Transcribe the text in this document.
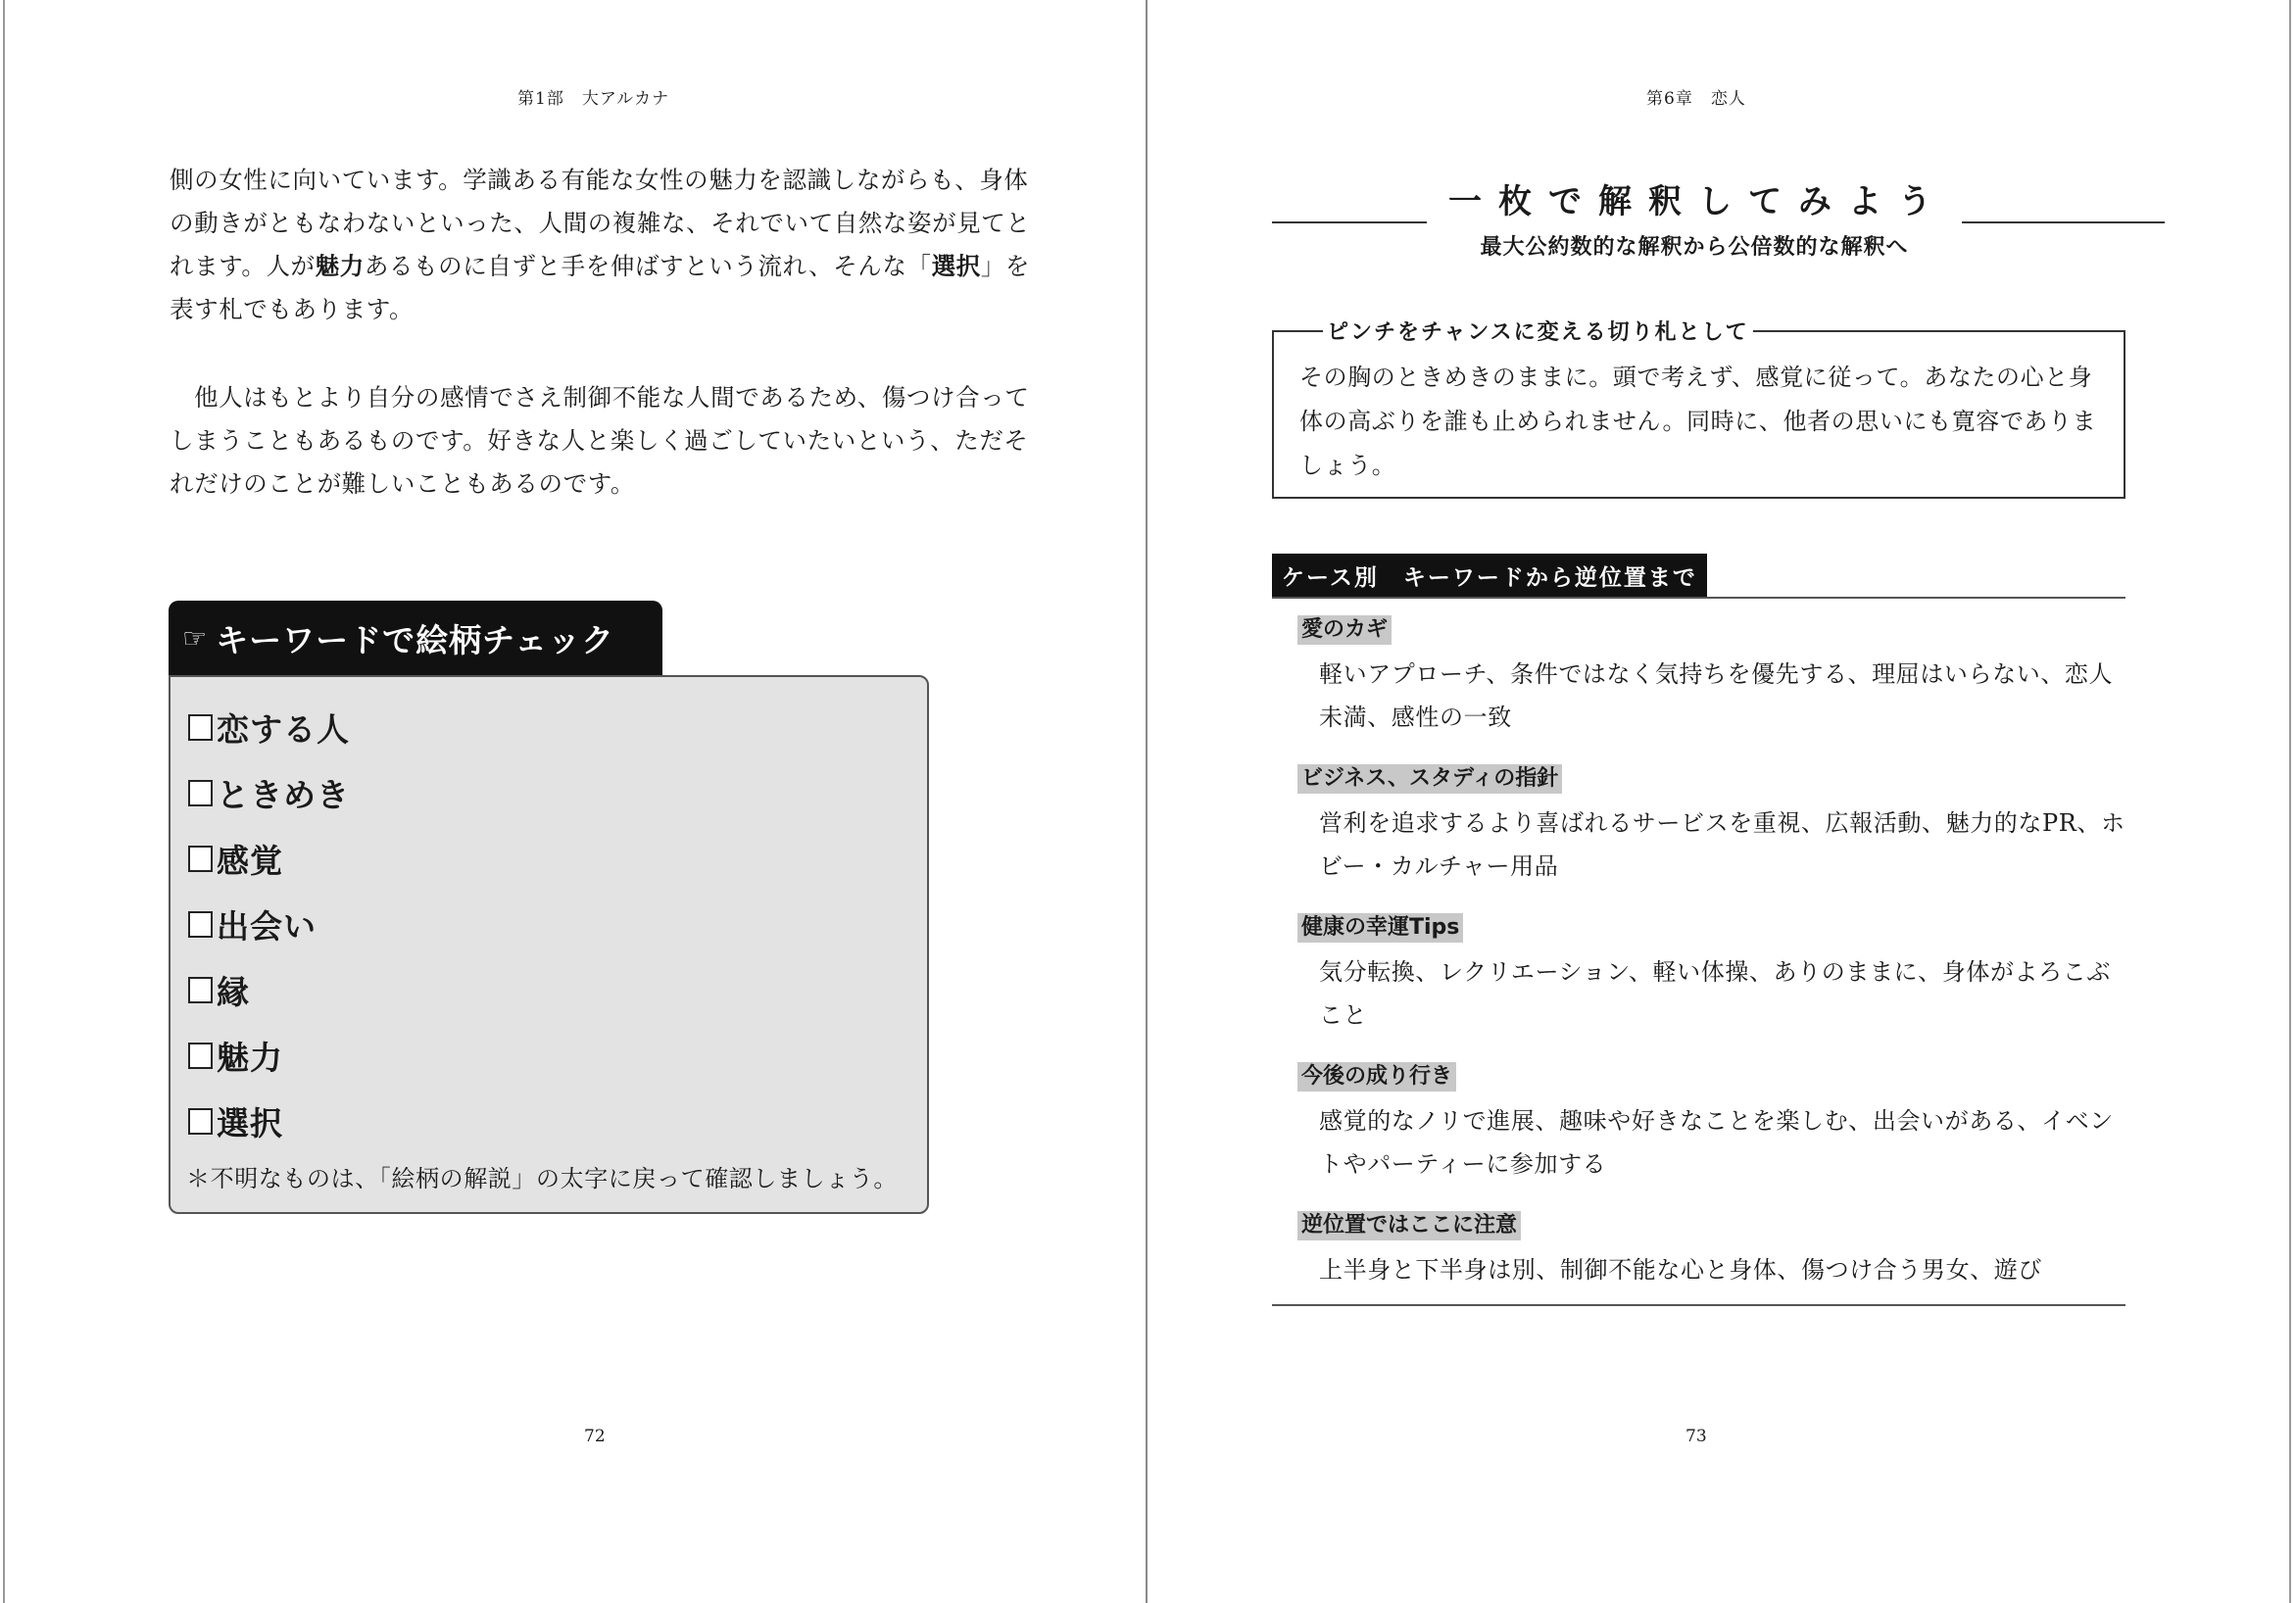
第1部　大アルカナ

側の女性に向いています。学識ある有能な女性の魅力を認識しながらも、身体の動きがともなわないといった、人間の複雑な、それでいて自然な姿が見てとれます。人が魅力あるものに自ずと手を伸ばすという流れ、そんな「選択」を表す札でもあります。

他人はもとより自分の感情でさえ制御不能な人間であるため、傷つけ合ってしまうこともあるものです。好きな人と楽しく過ごしていたいという、ただそれだけのことが難しいこともあるのです。

☞ キーワードで絵柄チェック
恋する人
ときめき
感覚
出会い
縁
魅力
選択
＊不明なものは、「絵柄の解説」の太字に戻って確認しましょう。
72
第6章　恋人
一枚で解釈してみよう
最大公約数的な解釈から公倍数的な解釈へ
ピンチをチャンスに変える切り札として
その胸のときめきのままに。頭で考えず、感覚に従って。あなたの心と身体の高ぶりを誰も止められません。同時に、他者の思いにも寛容でありましょう。
ケース別　キーワードから逆位置まで
愛のカギ
軽いアプローチ、条件ではなく気持ちを優先する、理屈はいらない、恋人未満、感性の一致
ビジネス、スタディの指針
営利を追求するより喜ばれるサービスを重視、広報活動、魅力的なPR、ホビー・カルチャー用品
健康の幸運Tips
気分転換、レクリエーション、軽い体操、ありのままに、身体がよろこぶこと
今後の成り行き
感覚的なノリで進展、趣味や好きなことを楽しむ、出会いがある、イベントやパーティーに参加する
逆位置ではここに注意
上半身と下半身は別、制御不能な心と身体、傷つけ合う男女、遊び
73
